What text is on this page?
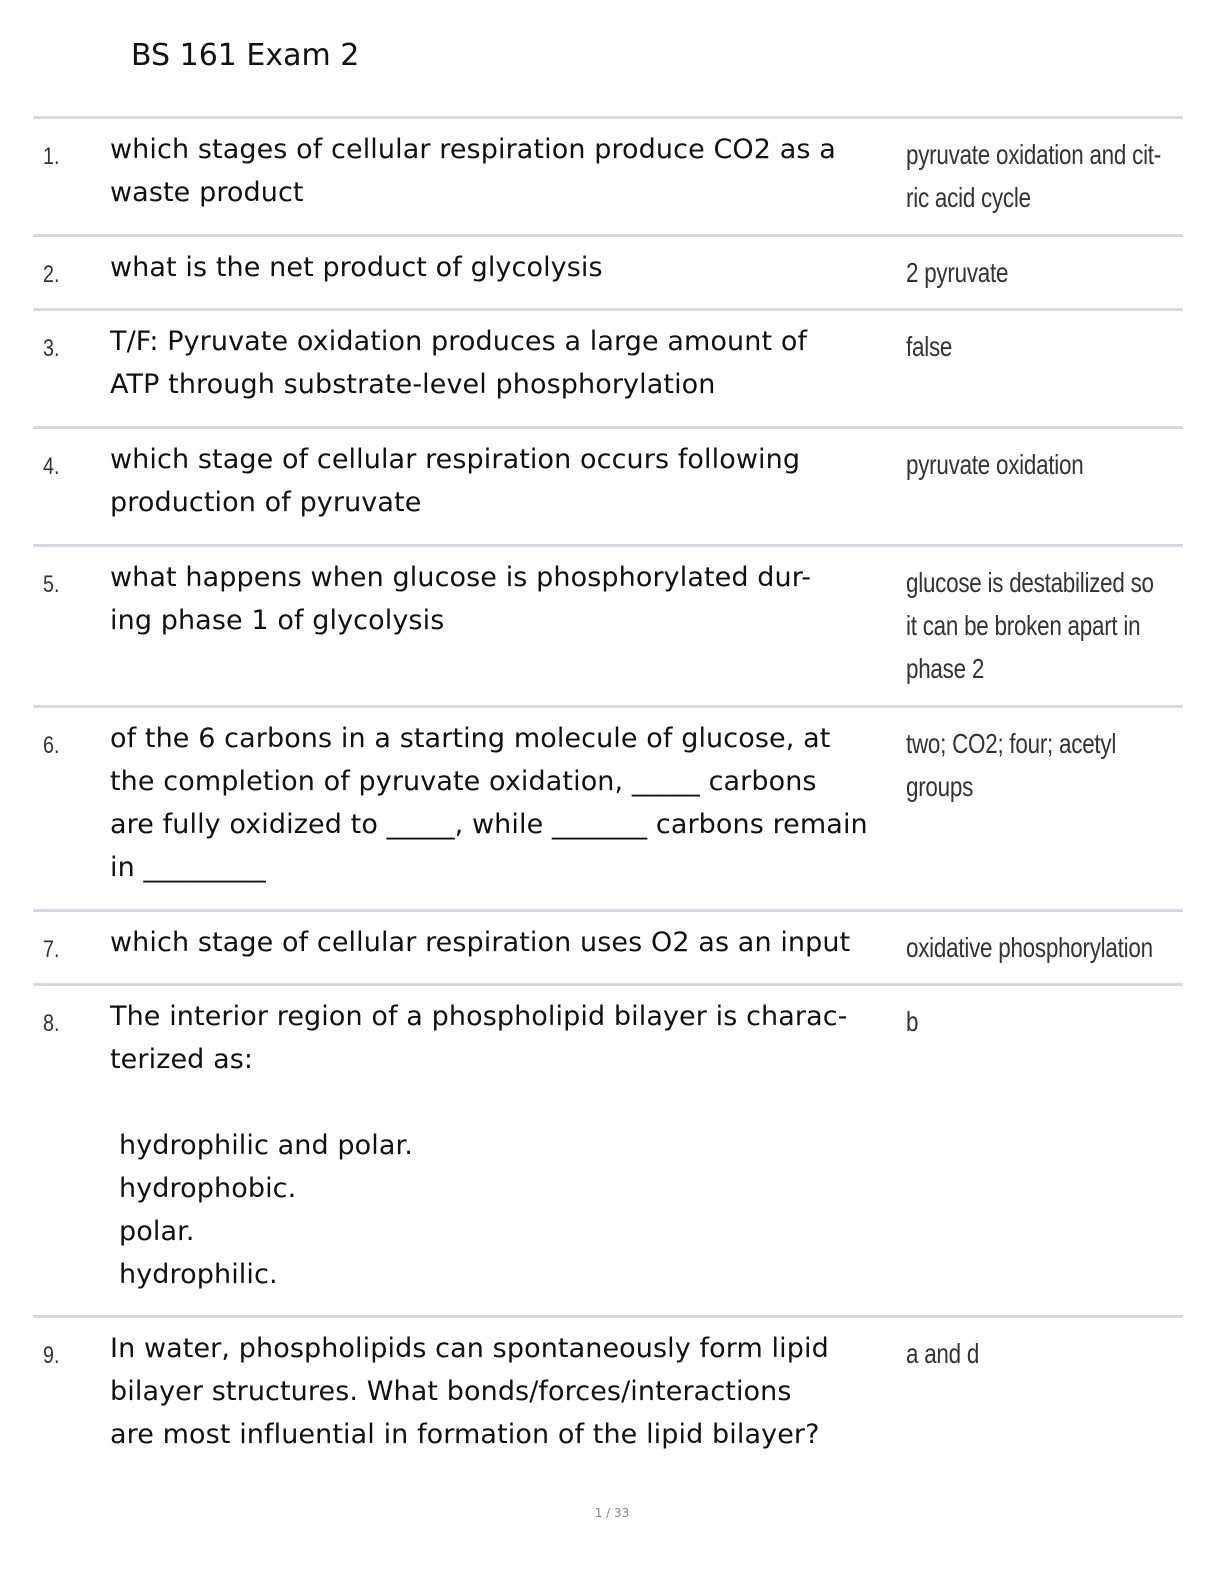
BS 161 Exam 2
1. which stages of cellular respiration produce CO2 as a
waste product
pyruvate oxidation and cit-
ric acid cycle
2. what is the net product of glycolysis	2 pyruvate
3. T/F: Pyruvate oxidation produces a large amount of
ATP through substrate-level phosphorylation
false
4. which stage of cellular respiration occurs following
production of pyruvate
pyruvate oxidation
5. what happens when glucose is phosphorylated dur-
ing phase 1 of glycolysis
glucose is destabilized so
it can be broken apart in
phase 2
6. of the 6 carbons in a starting molecule of glucose, at
the completion of pyruvate oxidation, _____ carbons
are fully oxidized to _____, while _______ carbons remain
in _________
two; CO2; four; acetyl
groups
7. which stage of cellular respiration uses O2 as an input	oxidative phosphorylation
8. The interior region of a phospholipid bilayer is charac-
terized as:
hydrophilic and polar.
hydrophobic.
polar.
hydrophilic.
b
9. In water, phospholipids can spontaneously form lipid
bilayer structures. What bonds/forces/interactions
are most influential in formation of the lipid bilayer?
a and d
1 / 33
